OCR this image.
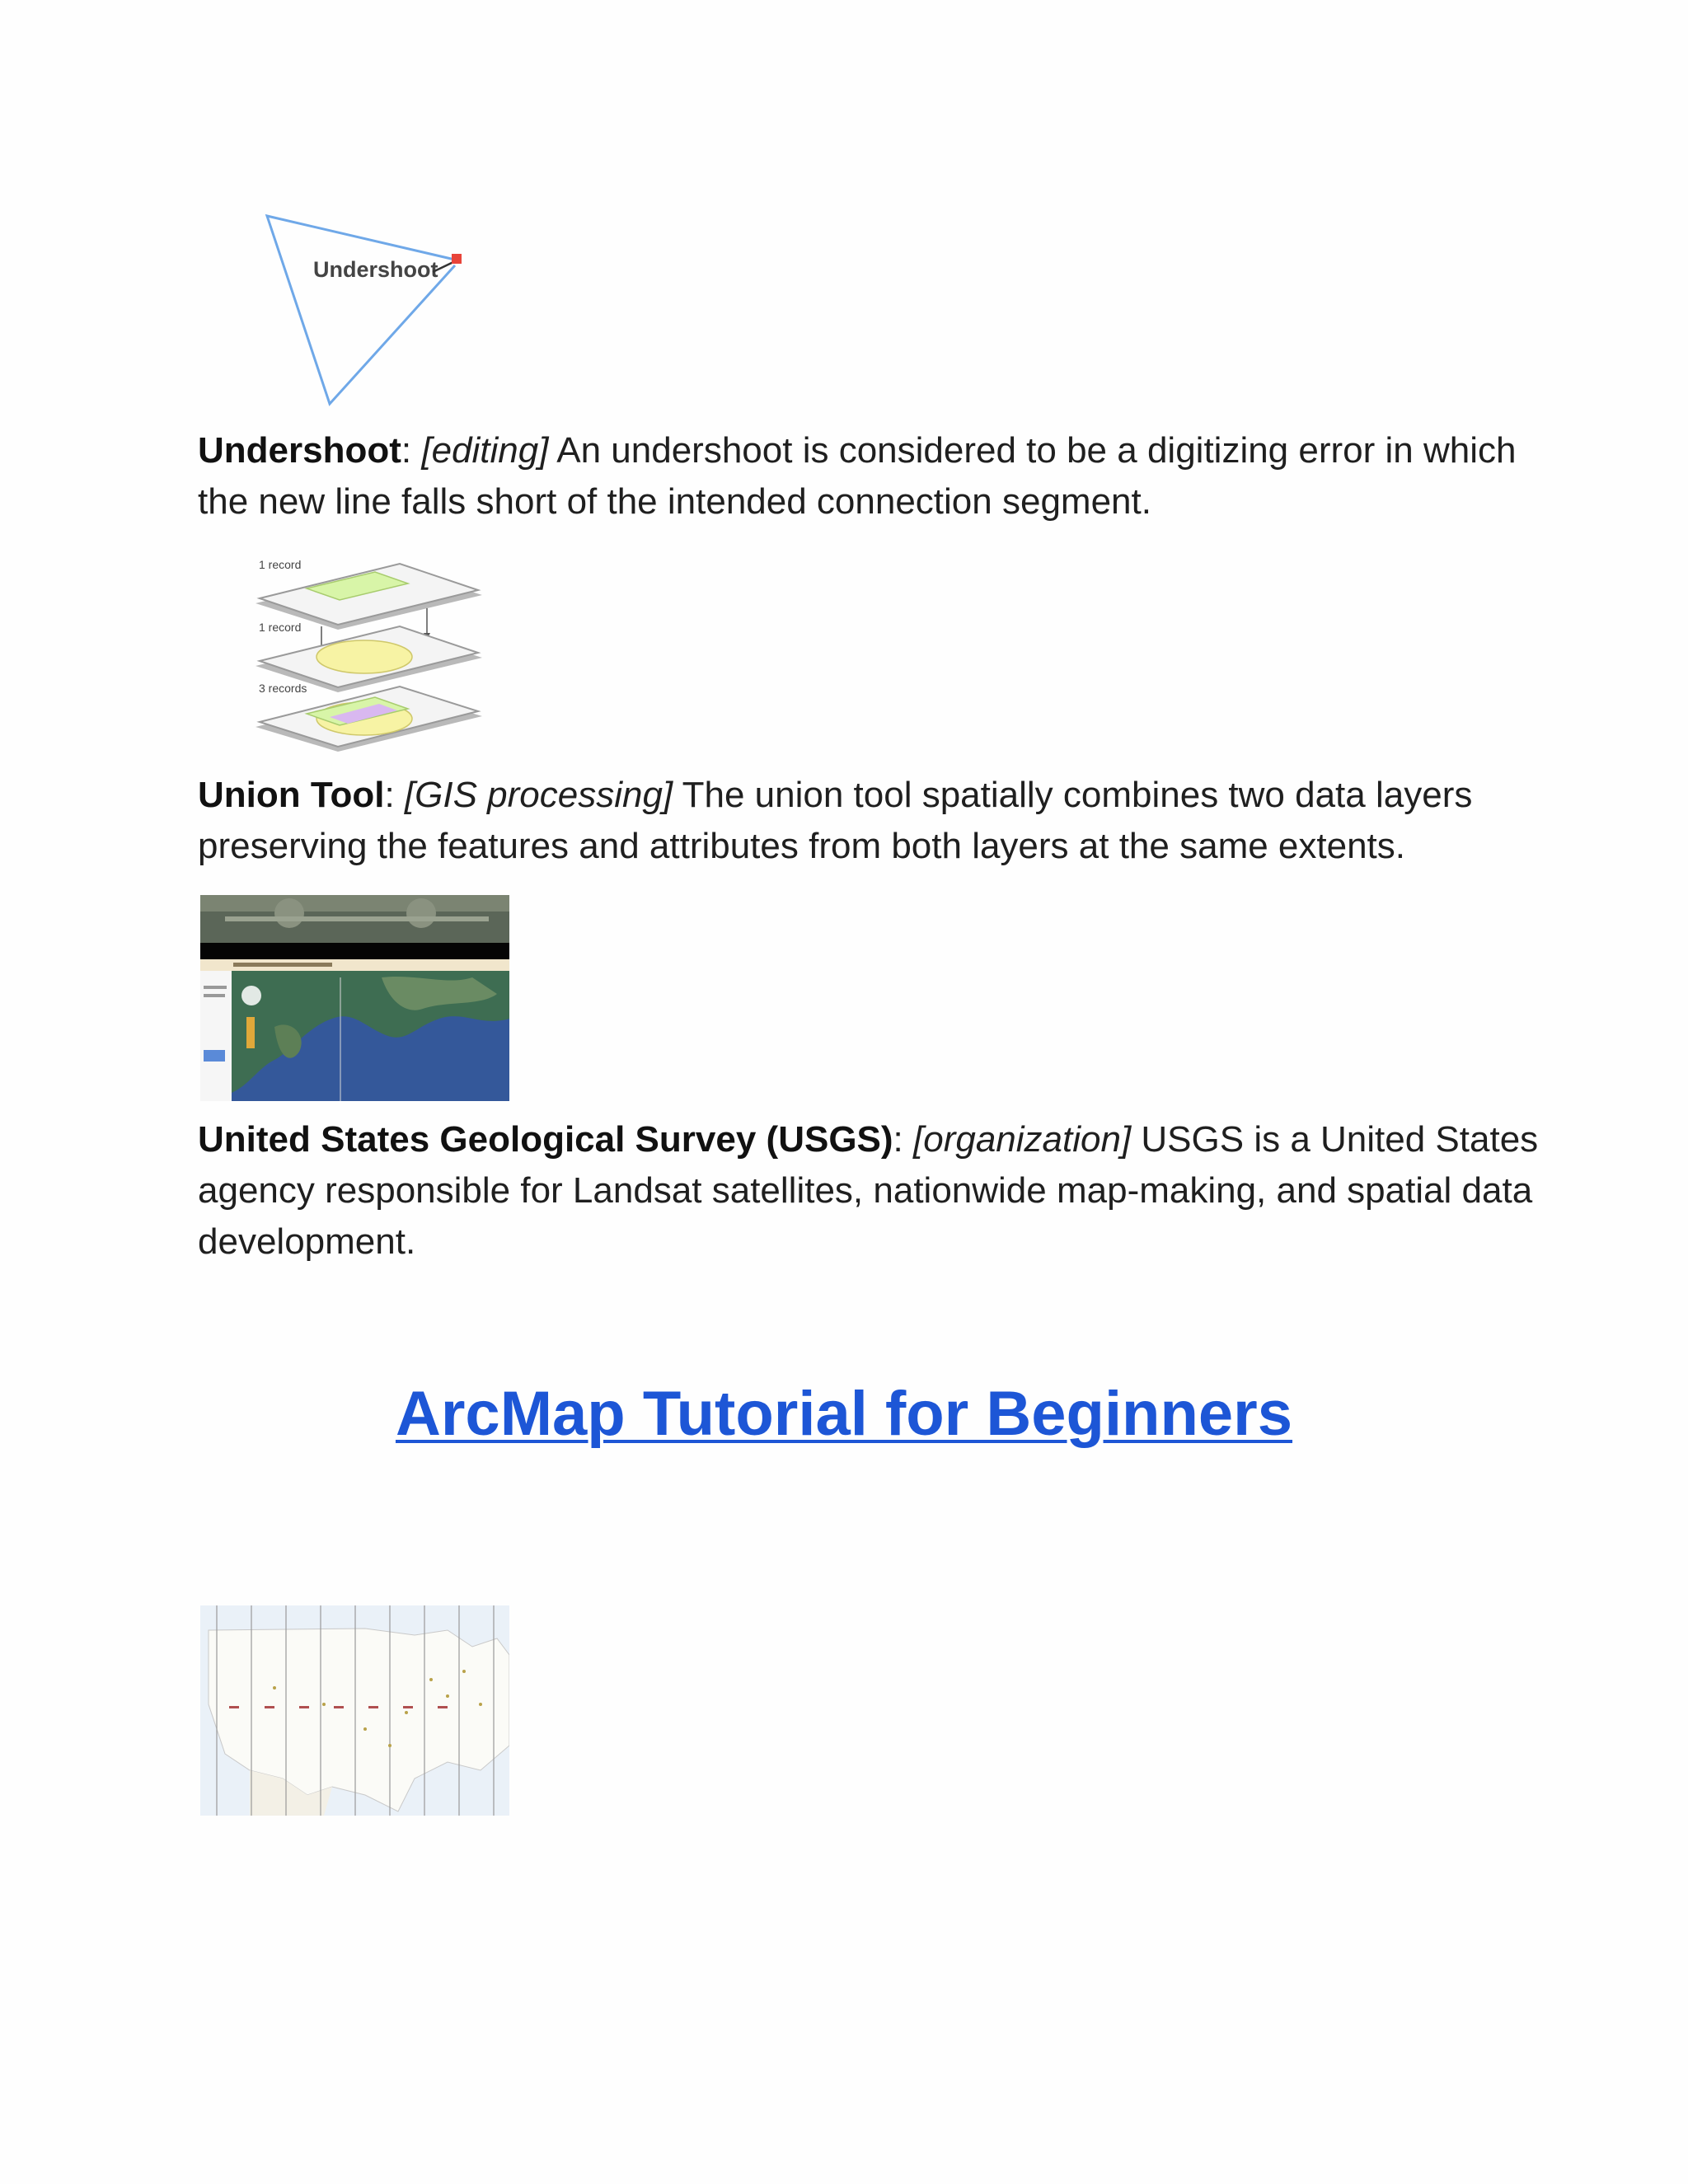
Undershoot
Undershoot: [editing] An undershoot is considered to be a digitizing error in which the new line falls short of the intended connection segment.
1 record
1 record
3 records
Union Tool: [GIS processing] The union tool spatially combines two data layers preserving the features and attributes from both layers at the same extents.
United States Geological Survey (USGS): [organization] USGS is a United States agency responsible for Landsat satellites, nationwide map-making, and spatial data development.
ArcMap Tutorial for Beginners
